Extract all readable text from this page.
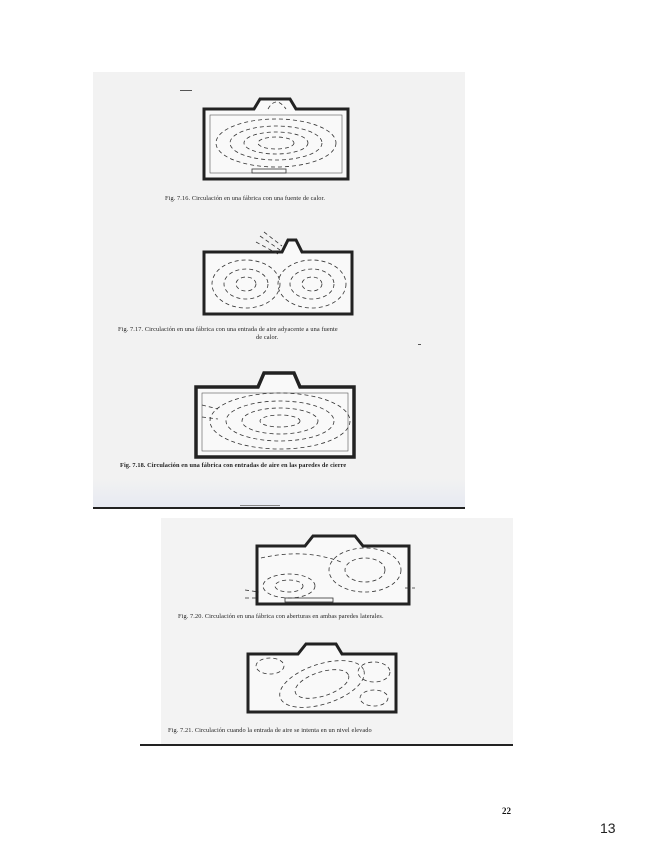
Fig. 7.16. Circulación en una fábrica con una fuente de calor.
Fig. 7.17. Circulación en una fábrica con una entrada de aire adyacente a una fuente
de calor.
Fig. 7.18. Circulación en una fábrica con entradas de aire en las paredes de cierre
Fig. 7.20. Circulación en una fábrica con aberturas en ambas paredes laterales.
Fig. 7.21. Circulación cuando la entrada de aire se intenta en un nivel elevado
22
13
